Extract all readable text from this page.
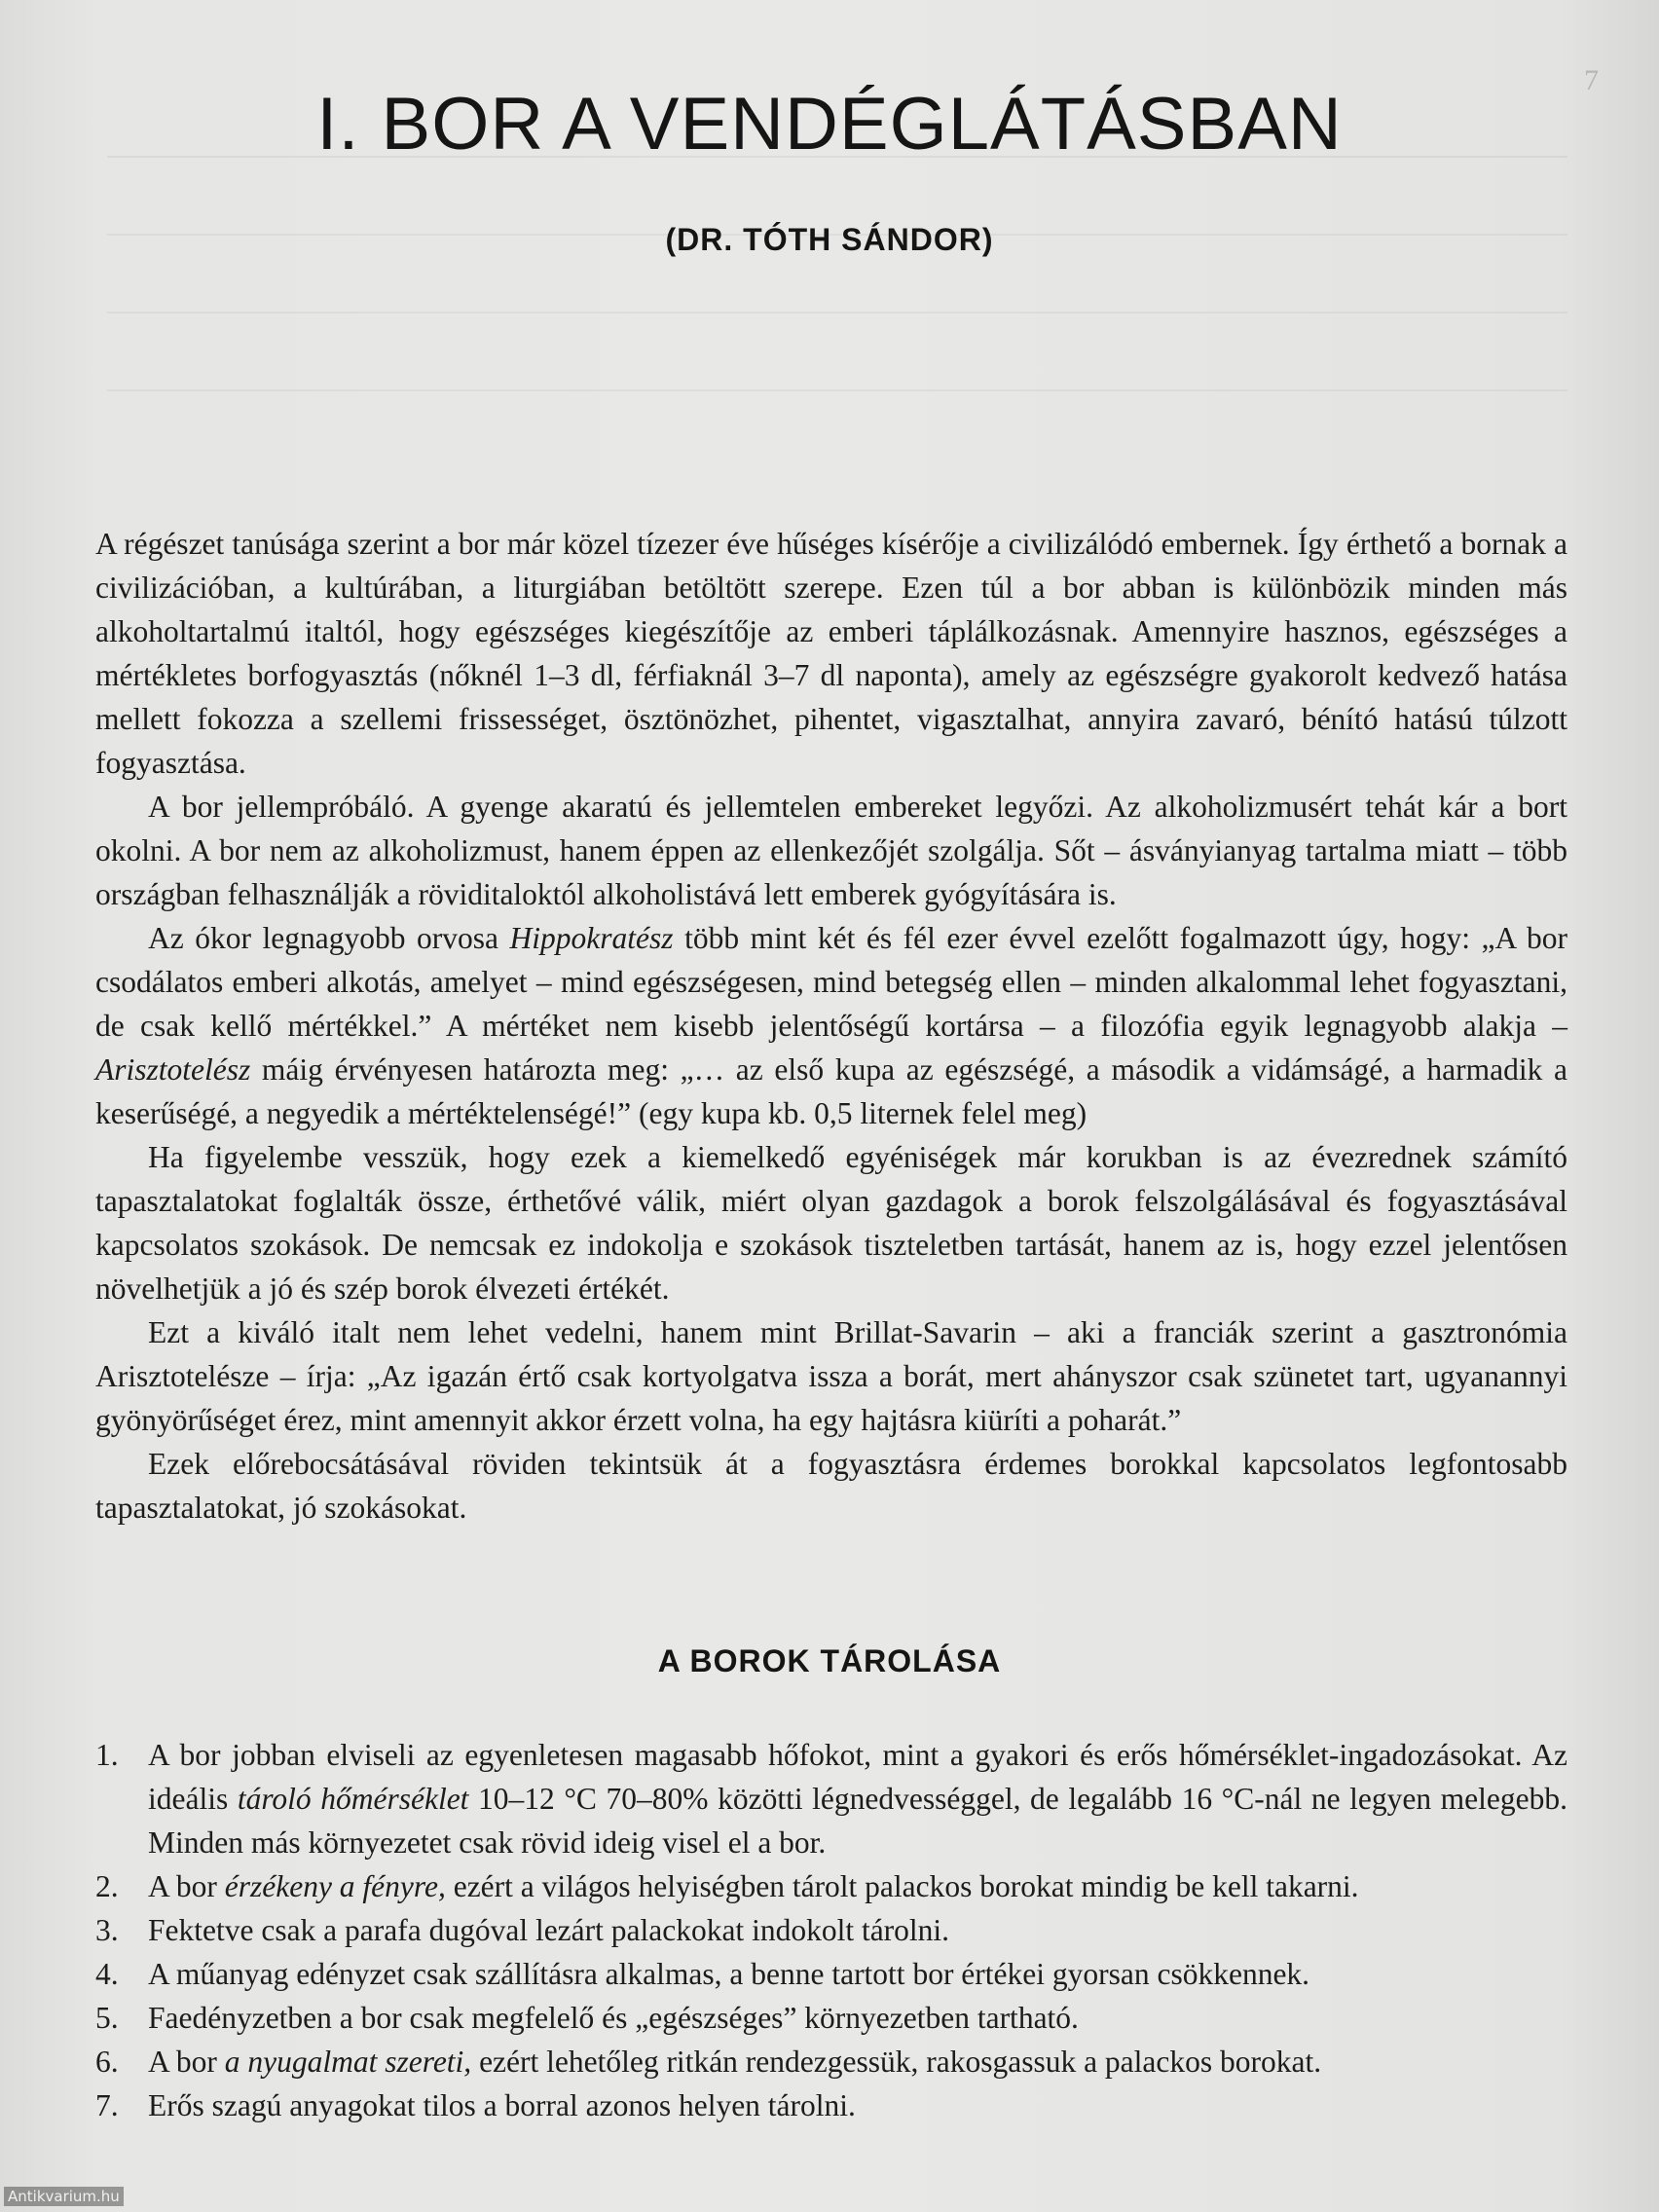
7
I. BOR A VENDÉGLÁTÁSBAN
(DR. TÓTH SÁNDOR)

A régészet tanúsága szerint a bor már közel tízezer éve hűséges kísérője a civilizálódó embernek. Így érthető a bornak a civilizációban, a kultúrában, a liturgiában betöltött szerepe. Ezen túl a bor abban is különbözik minden más alkoholtartalmú italtól, hogy egészséges kiegészítője az emberi táplálkozásnak. Amennyire hasznos, egészséges a mértékletes borfogyasztás (nőknél 1–3 dl, férfiaknál 3–7 dl naponta), amely az egészségre gyakorolt kedvező hatása mellett fokozza a szellemi frissességet, ösztönözhet, pihentet, vigasztalhat, annyira zavaró, bénító hatású túlzott fogyasztása.

A bor jellempróbáló. A gyenge akaratú és jellemtelen embereket legyőzi. Az alkoholizmusért tehát kár a bort okolni. A bor nem az alkoholizmust, hanem éppen az ellenkezőjét szolgálja. Sőt – ásványianyag tartalma miatt – több országban felhasználják a röviditaloktól alkoholistává lett emberek gyógyítására is.

Az ókor legnagyobb orvosa Hippokratész több mint két és fél ezer évvel ezelőtt fogalmazott úgy, hogy: „A bor csodálatos emberi alkotás, amelyet – mind egészségesen, mind betegség ellen – minden alkalommal lehet fogyasztani, de csak kellő mértékkel.” A mértéket nem kisebb jelentőségű kortársa – a filozófia egyik legnagyobb alakja – Arisztotelész máig érvényesen határozta meg: „… az első kupa az egészségé, a második a vidámságé, a harmadik a keserűségé, a negyedik a mértéktelenségé!” (egy kupa kb. 0,5 liternek felel meg)

Ha figyelembe vesszük, hogy ezek a kiemelkedő egyéniségek már korukban is az évezrednek számító tapasztalatokat foglalták össze, érthetővé válik, miért olyan gazdagok a borok felszolgálásával és fogyasztásával kapcsolatos szokások. De nemcsak ez indokolja e szokások tiszteletben tartását, hanem az is, hogy ezzel jelentősen növelhetjük a jó és szép borok élvezeti értékét.

Ezt a kiváló italt nem lehet vedelni, hanem mint Brillat-Savarin – aki a franciák szerint a gasztronómia Arisztotelésze – írja: „Az igazán értő csak kortyolgatva issza a borát, mert ahányszor csak szünetet tart, ugyanannyi gyönyörűséget érez, mint amennyit akkor érzett volna, ha egy hajtásra kiüríti a poharát.”

Ezek előrebocsátásával röviden tekintsük át a fogyasztásra érdemes borokkal kapcsolatos legfontosabb tapasztalatokat, jó szokásokat.

A BOROK TÁROLÁSA
1. A bor jobban elviseli az egyenletesen magasabb hőfokot, mint a gyakori és erős hőmérséklet-ingadozásokat. Az ideális tároló hőmérséklet 10–12 °C 70–80% közötti légnedvességgel, de legalább 16 °C-nál ne legyen melegebb. Minden más környezetet csak rövid ideig visel el a bor.
2. A bor érzékeny a fényre, ezért a világos helyiségben tárolt palackos borokat mindig be kell takarni.
3. Fektetve csak a parafa dugóval lezárt palackokat indokolt tárolni.
4. A műanyag edényzet csak szállításra alkalmas, a benne tartott bor értékei gyorsan csökkennek.
5. Faedényzetben a bor csak megfelelő és „egészséges” környezetben tartható.
6. A bor a nyugalmat szereti, ezért lehetőleg ritkán rendezgessük, rakosgassuk a palackos borokat.
7. Erős szagú anyagokat tilos a borral azonos helyen tárolni.
Antikvarium.hu
